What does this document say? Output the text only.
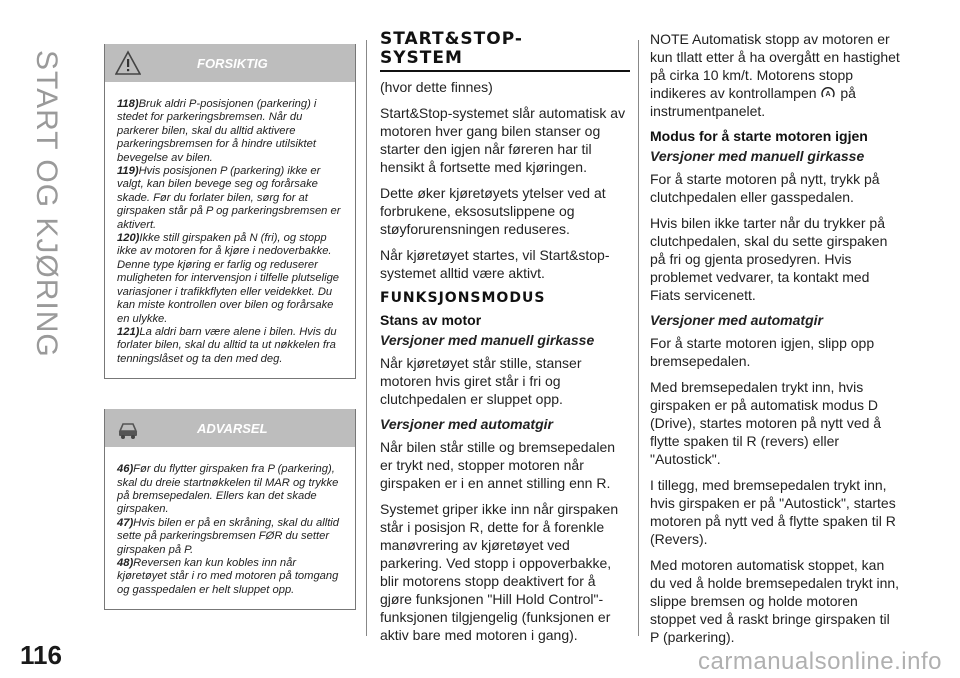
START OG KJØRING
116
FORSIKTIG

118)Bruk aldri P-posisjonen (parkering) i stedet for parkeringsbremsen. Når du parkerer bilen, skal du alltid aktivere parkeringsbremsen for å hindre utilsiktet bevegelse av bilen.

119)Hvis posisjonen P (parkering) ikke er valgt, kan bilen bevege seg og forårsake skade. Før du forlater bilen, sørg for at girspaken står på P og parkeringsbremsen er aktivert.

120)Ikke still girspaken på N (fri), og stopp ikke av motoren for å kjøre i nedoverbakke. Denne type kjøring er farlig og reduserer muligheten for intervensjon i tilfelle plutselige variasjoner i trafikkflyten eller veidekket. Du kan miste kontrollen over bilen og forårsake en ulykke.

121)La aldri barn være alene i bilen. Hvis du forlater bilen, skal du alltid ta ut nøkkelen fra tenningslåset og ta den med deg.

ADVARSEL

46)Før du flytter girspaken fra P (parkering), skal du dreie startnøkkelen til MAR og trykke på bremsepedalen. Ellers kan det skade girspaken.

47)Hvis bilen er på en skråning, skal du alltid sette på parkeringsbremsen FØR du setter girspaken på P.

48)Reversen kan kun kobles inn når kjøretøyet står i ro med motoren på tomgang og gasspedalen er helt sluppet opp.

START&STOP-
SYSTEM

(hvor dette finnes)

Start&Stop-systemet slår automatisk av motoren hver gang bilen stanser og starter den igjen når føreren har til hensikt å fortsette med kjøringen.

Dette øker kjøretøyets ytelser ved at forbrukene, eksosutslippene og støyforurensningen reduseres.

Når kjøretøyet startes, vil Start&stop-systemet alltid være aktivt.

FUNKSJONSMODUS
Stans av motor
Versjoner med manuell girkasse

Når kjøretøyet står stille, stanser motoren hvis giret står i fri og clutchpedalen er sluppet opp.

Versjoner med automatgir

Når bilen står stille og bremsepedalen er trykt ned, stopper motoren når girspaken er i en annet stilling enn R.

Systemet griper ikke inn når girspaken står i posisjon R, dette for å forenkle manøvrering av kjøretøyet ved parkering. Ved stopp i oppoverbakke, blir motorens stopp deaktivert for å gjøre funksjonen "Hill Hold Control"-funksjonen tilgjengelig (funksjonen er aktiv bare med motoren i gang).

NOTE Automatisk stopp av motoren er kun tllatt etter å ha overgått en hastighet på cirka 10 km/t. Motorens stopp indikeres av kontrollampen A på instrumentpanelet.

Modus for å starte motoren igjen
Versjoner med manuell girkasse

For å starte motoren på nytt, trykk på clutchpedalen eller gasspedalen.

Hvis bilen ikke tarter når du trykker på clutchpedalen, skal du sette girspaken på fri og gjenta prosedyren. Hvis problemet vedvarer, ta kontakt med Fiats servicenett.

Versjoner med automatgir

For å starte motoren igjen, slipp opp bremsepedalen.

Med bremsepedalen trykt inn, hvis girspaken er på automatisk modus D (Drive), startes motoren på nytt ved å flytte spaken til R (revers) eller "Autostick".

I tillegg, med bremsepedalen trykt inn, hvis girspaken er på "Autostick", startes motoren på nytt ved å flytte spaken til R (Revers).

Med motoren automatisk stoppet, kan du ved å holde bremsepedalen trykt inn, slippe bremsen og holde motoren stoppet ved å raskt bringe girspaken til P (parkering).

carmanualsonline.info
